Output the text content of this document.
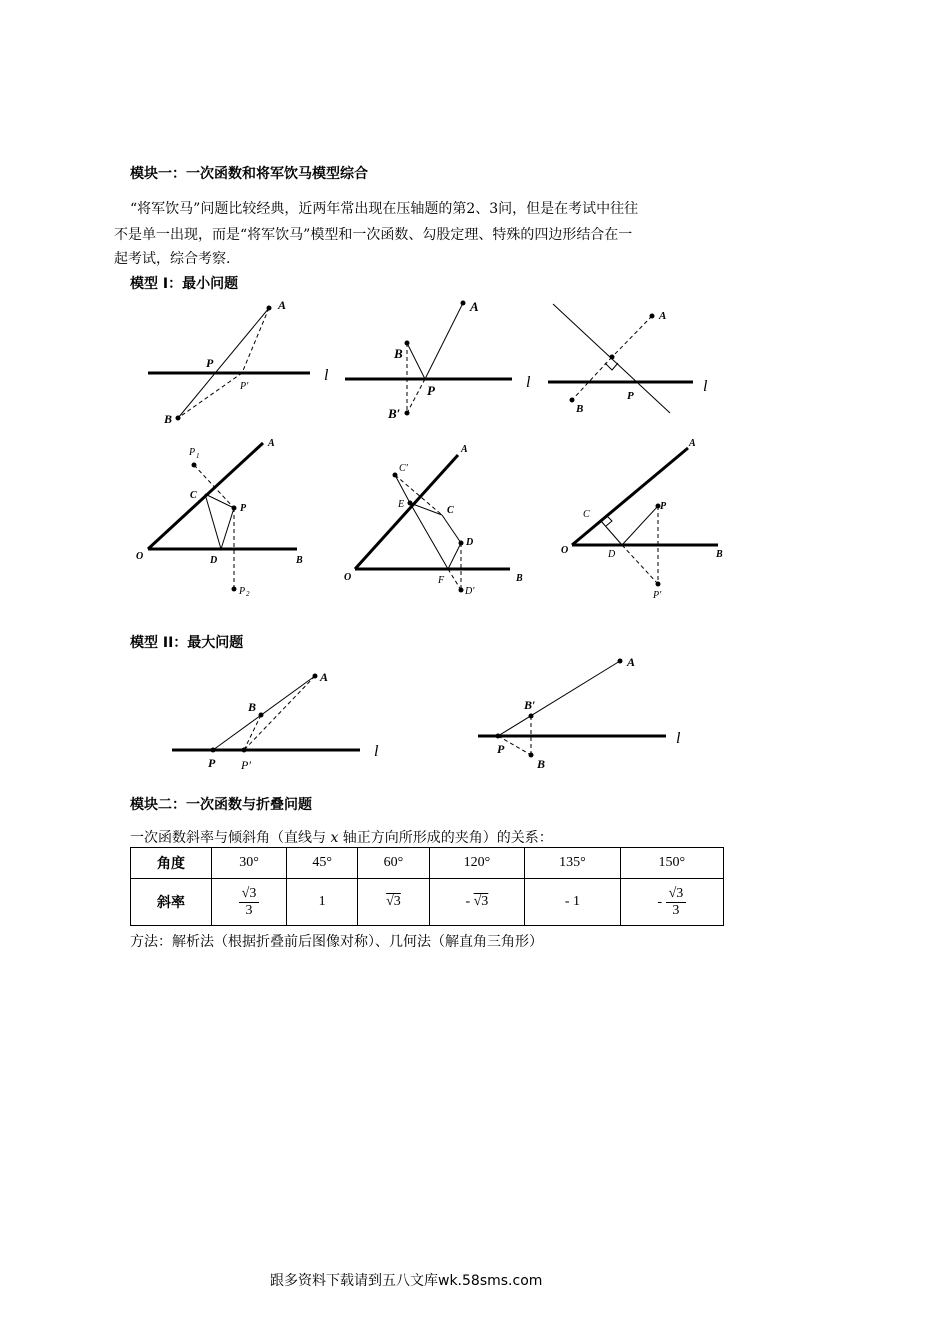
模块一：一次函数和将军饮马模型综合
“将军饮马”问题比较经典，近两年常出现在压轴题的第2、3问，但是在考试中往往
不是单一出现，而是“将军饮马”模型和一次函数、勾股定理、特殊的四边形结合在一
起考试，综合考察.
模型 I：最小问题
A
P
B
A
B
P
B′
A
P
B
A
C
P
O	D	B
A
C
D
O	B
A
P
O	B
A
B
P
A
B′
P
B
P′
P 1
P 2
C′
E
F
D′
C
D
P′
P′
l	l	l
l
l
模型 II：最大问题
模块二：一次函数与折叠问题
一次函数斜率与倾斜角（直线与 x 轴正方向所形成的夹角）的关系：
角度	30°	45°	60°	120°	135°	150°
斜率	$\frac{√3}{3}$	1	√3	- √3	- 1	- $\frac{√3}{3}$
方法：解析法（根据折叠前后图像对称）、几何法（解直角三角形）
跟多资料下载请到五八文库wk.58sms.com
